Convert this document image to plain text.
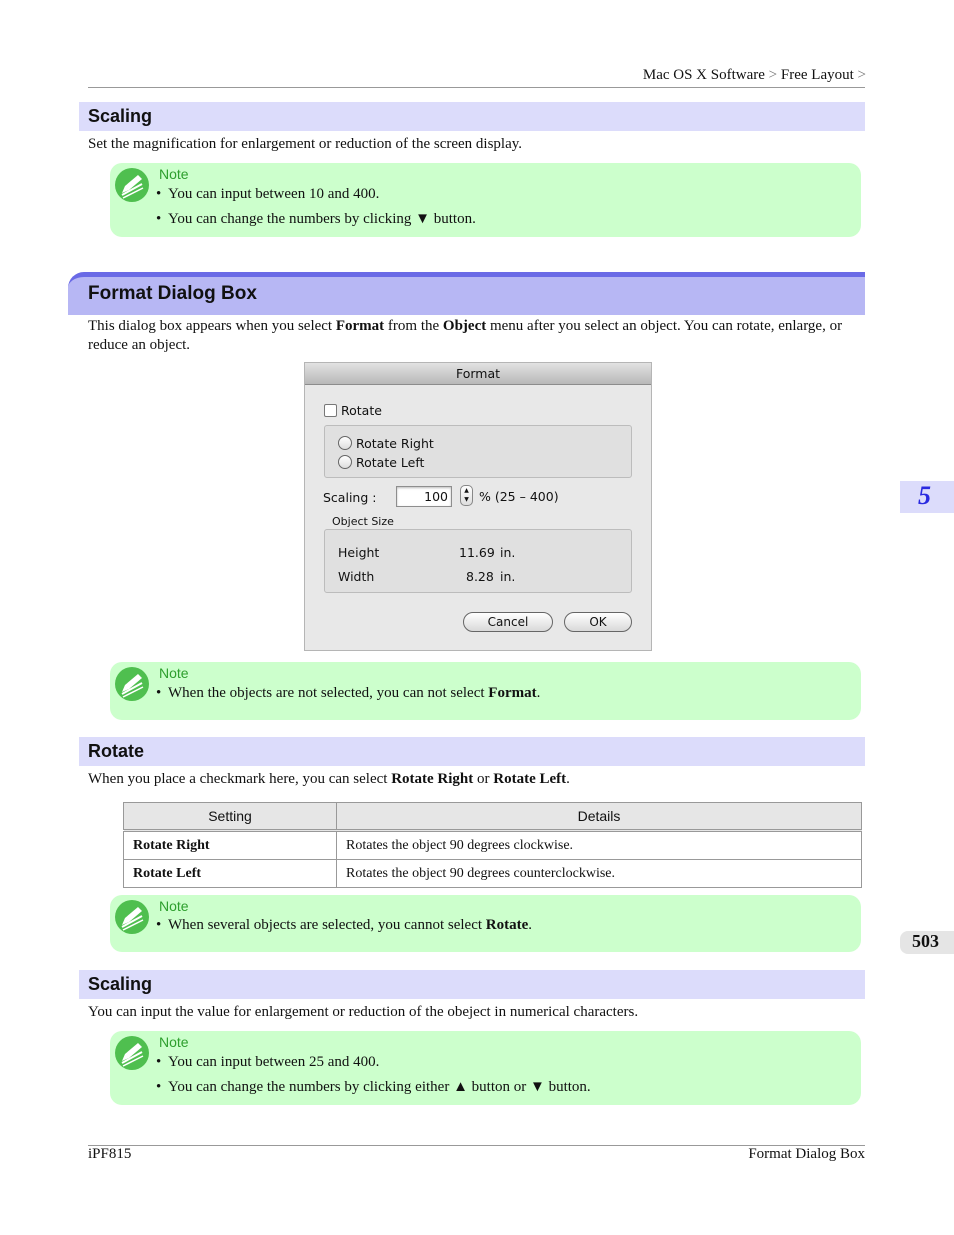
Mac OS X Software > Free Layout >
Scaling
Set the magnification for enlargement or reduction of the screen display.
Note
• You can input between 10 and 400.
• You can change the numbers by clicking ▼ button.
Format Dialog Box
This dialog box appears when you select Format from the Object menu after you select an object. You can rotate, enlarge, or reduce an object.
Format
Rotate
Rotate Right
Rotate Left
Scaling :	100	▲
▼ % (25 – 400)
Object Size
Height	11.69 in.
Width	8.28 in.
Cancel	OK
Note
• When the objects are not selected, you can not select Format.
Rotate
When you place a checkmark here, you can select Rotate Right or Rotate Left.
Setting	Details
Rotate Right	Rotates the object 90 degrees clockwise.
Rotate Left	Rotates the object 90 degrees counterclockwise.
Note
• When several objects are selected, you cannot select Rotate.
Scaling
You can input the value for enlargement or reduction of the obeject in numerical characters.
Note
• You can input between 25 and 400.
• You can change the numbers by clicking either ▲ button or ▼ button.
5
503
iPF815	Format Dialog Box
